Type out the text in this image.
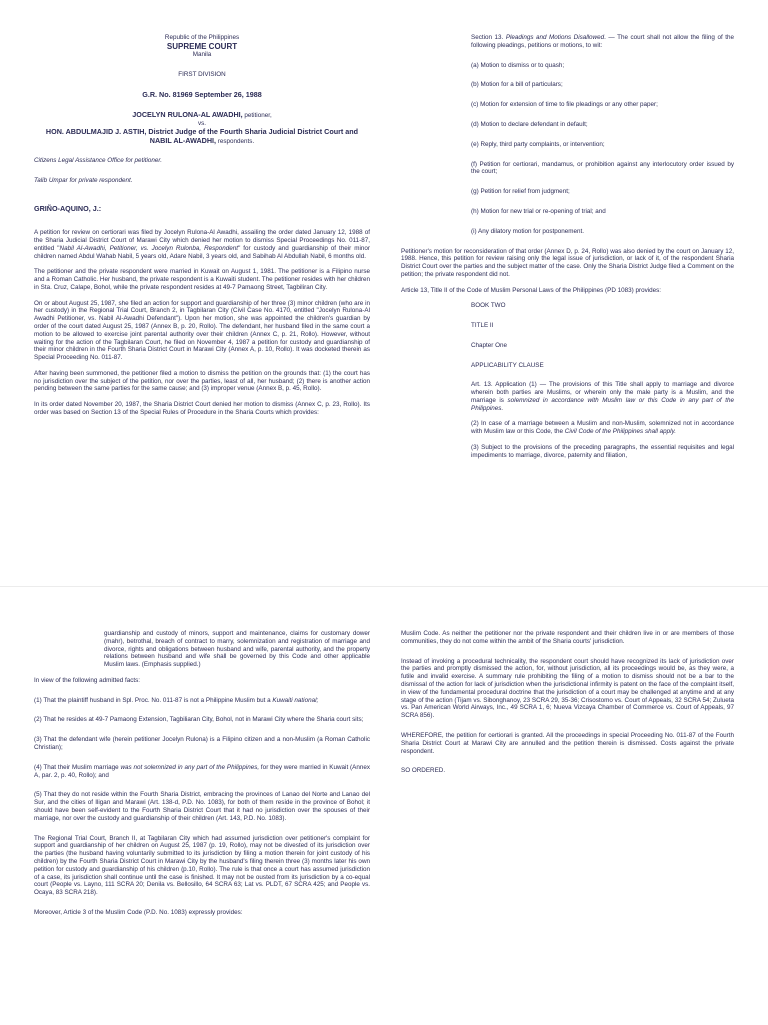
Republic of the Philippines

SUPREME COURT

Manila

FIRST DIVISION

G.R. No. 81969 September 26, 1988

JOCELYN RULONA-AL AWADHI, petitioner,

vs.

HON. ABDULMAJID J. ASTIH, District Judge of the Fourth Sharia Judicial District Court and NABIL AL-AWADHI, respondents.

Citizens Legal Assistance Office for petitioner.

Talib Umpar for private respondent.

GRIÑO-AQUINO, J.:

A petition for review on certiorari was filed by Jocelyn Rulona-Al Awadhi, assailing the order dated January 12, 1988 of the Sharia Judicial District Court of Marawi City which denied her motion to dismiss Special Proceedings No. 011-87, entitled "Nabil Al-Awadhi, Petitioner, vs. Jocelyn Rulonba, Respondent" for custody and guardianship of their minor children named Abdul Wahab Nabil, 5 years old, Adare Nabil, 3 years old, and Sabihab Al Abdullah Nabil, 6 months old.

The petitioner and the private respondent were married in Kuwait on August 1, 1981. The petitioner is a Filipino nurse and a Roman Catholic. Her husband, the private respondent is a Kuwaiti student. The petitioner resides with her children in Sta. Cruz, Calape, Bohol, while the private respondent resides at 49-7 Pamaong Street, Tagbiliran City.

On or about August 25, 1987, she filed an action for support and guardianship of her three (3) minor children (who are in her custody) in the Regional Trial Court, Branch 2, in Tagbilaran City (Civil Case No. 4170, entitled "Jocelyn Rulona-Al Awadhi Petitioner, vs. Nabil Al-Awadhi Defendant"). Upon her motion, she was appointed the children's guardian by order of the court dated August 25, 1987 (Annex B, p. 20, Rollo). The defendant, her husband filed in the same court a motion to be allowed to exercise joint parental authority over their children (Annex C, p. 21, Rollo). However, without waiting for the action of the Tagbilaran Court, he filed on November 4, 1987 a petition for custody and guardianship of their minor children in the Fourth Sharia District Court in Marawi City (Annex A, p. 10, Rollo). It was docketed therein as Special Proceeding No. 011-87.

After having been summoned, the petitioner filed a motion to dismiss the petition on the grounds that: (1) the court has no jurisdiction over the subject of the petition, nor over the parties, least of all, her husband; (2) there is another action pending between the same parties for the same cause; and (3) improper venue (Annex B, p. 45, Rollo).

In its order dated November 20, 1987, the Sharia District Court denied her motion to dismiss (Annex C, p. 23, Rollo). Its order was based on Section 13 of the Special Rules of Procedure in the Sharia Courts which provides:

Section 13. Pleadings and Motions Disallowed. — The court shall not allow the filing of the following pleadings, petitions or motions, to wit:

(a) Motion to dismiss or to quash;

(b) Motion for a bill of particulars;

(c) Motion for extension of time to file pleadings or any other paper;

(d) Motion to declare defendant in default;

(e) Reply, third party complaints, or intervention;

(f) Petition for certiorari, mandamus, or prohibition against any interlocutory order issued by the court;

(g) Petition for relief from judgment;

(h) Motion for new trial or re-opening of trial; and

(i) Any dilatory motion for postponement.

Petitioner's motion for reconsideration of that order (Annex D, p. 24, Rollo) was also denied by the court on January 12, 1988. Hence, this petition for review raising only the legal issue of jurisdiction, or lack of it, of the respondent Sharia District Court over the parties and the subject matter of the case. Only the Sharia District Judge filed a Comment on the petition; the private respondent did not.

Article 13, Title II of the Code of Muslim Personal Laws of the Philippines (PD 1083) provides:

BOOK TWO

TITLE II

Chapter One

APPLICABILITY CLAUSE

Art. 13. Application (1) — The provisions of this Title shall apply to marriage and divorce wherein both parties are Muslims, or wherein only the male party is a Muslim, and the marriage is solemnized in accordance with Muslim law or this Code in any part of the Philippines.

(2) In case of a marriage between a Muslim and non-Muslim, solemnized not in accordance with Muslim law or this Code, the Civil Code of the Philippines shall apply.

(3) Subject to the provisions of the preceding paragraphs, the essential requisites and legal impediments to marriage, divorce, paternity and filiation,

guardianship and custody of minors, support and maintenance, claims for customary dower (mahr), betrothal, breach of contract to marry, solemnization and registration of marriage and divorce, rights and obligations between husband and wife, parental authority, and the property relations between husband and wife shall be governed by this Code and other applicable Muslim laws. (Emphasis supplied.)

In view of the following admitted facts:

(1) That the plaintiff husband in Spl. Proc. No. 011-87 is not a Philippine Muslim but a Kuwaiti national;

(2) That he resides at 49-7 Pamaong Extension, Tagbiliaran City, Bohol, not in Marawi City where the Sharia court sits;

(3) That the defendant wife (herein petitioner Jocelyn Rulona) is a Filipino citizen and a non-Muslim (a Roman Catholic Christian);

(4) That their Muslim marriage was not solemnized in any part of the Philippines, for they were married in Kuwait (Annex A, par. 2, p. 40, Rollo); and

(5) That they do not reside within the Fourth Sharia District, embracing the provinces of Lanao del Norte and Lanao del Sur, and the cities of Iligan and Marawi (Art. 138-d, P.D. No. 1083), for both of them reside in the province of Bohol; it should have been self-evident to the Fourth Sharia District Court that it had no jurisdiction over the spouses of their marriage, nor over the custody and guardianship of their children (Art. 143, P.D. No. 1083).

The Regional Trial Court, Branch II, at Tagbilaran City which had assumed jurisdiction over petitioner's complaint for support and guardianship of her children on August 25, 1987 (p. 19, Rollo), may not be divested of its jurisdiction over the parties (the husband having voluntarily submitted to its jurisdiction by filing a motion therein for joint custody of his children) by the Fourth Sharia District Court in Marawi City by the husband's filing therein three (3) months later his own petition for custody and guardianship of his children (p.10, Rollo). The rule is that once a court has assumed jurisdiction of a case, its jurisdiction shall continue until the case is finished. It may not be ousted from its jurisdiction by a co-equal court (People vs. Layno, 111 SCRA 20; Denila vs. Bellosillo, 64 SCRA 63; Lat vs. PLDT, 67 SCRA 425; and People vs. Ocaya, 83 SCRA 218).

Moreover, Article 3 of the Muslim Code (P.D. No. 1083) expressly provides:

Muslim Code. As neither the petitioner nor the private respondent and their children live in or are members of those communities, they do not come within the ambit of the Sharia courts' jurisdiction.

Instead of invoking a procedural technicality, the respondent court should have recognized its lack of jurisdiction over the parties and promptly dismissed the action, for, without jurisdiction, all its proceedings would be, as they were, a futile and invalid exercise. A summary rule prohibiting the filing of a motion to dismiss should not be a bar to the dismissal of the action for lack of jurisdiction when the jurisdictional infirmity is patent on the face of the complaint itself, in view of the fundamental procedural doctrine that the jurisdiction of a court may be challenged at anytime and at any stage of the action (Tijam vs. Sibonghanoy, 23 SCRA 29, 35-36; Crisostomo vs. Court of Appeals, 32 SCRA 54; Zulueta vs. Pan American World Airways, Inc., 49 SCRA 1, 6; Nueva Vizcaya Chamber of Commerce vs. Court of Appeals, 97 SCRA 856).

WHEREFORE, the petition for certiorari is granted. All the proceedings in special Proceeding No. 011-87 of the Fourth Sharia District Court at Marawi City are annulled and the petition therein is dismissed. Costs against the private respondent.

SO ORDERED.
